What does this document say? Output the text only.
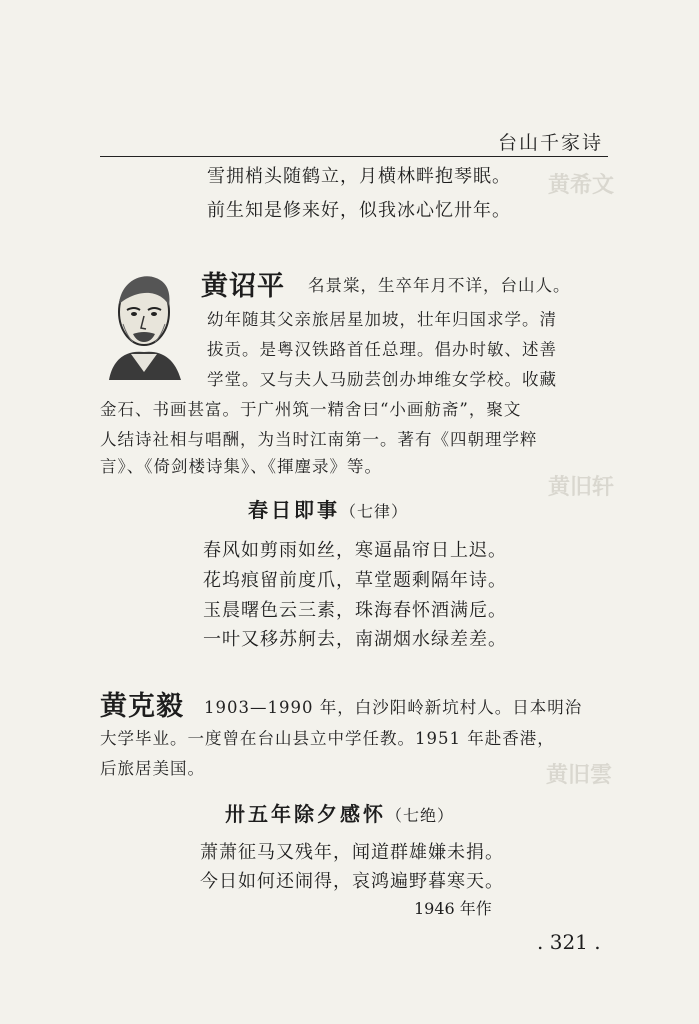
黄希文
黄旧轩
黄旧雲
台山千家诗
雪拥梢头随鹤立，月横林畔抱琴眠。
前生知是修来好，似我冰心忆卅年。
黄诏平 名景棠，生卒年月不详，台山人。
幼年随其父亲旅居星加坡，壮年归国求学。清
拔贡。是粤汉铁路首任总理。倡办时敏、述善
学堂。又与夫人马励芸创办坤维女学校。收藏
金石、书画甚富。于广州筑一精舍曰“小画舫斋”，聚文
人结诗社相与唱酬，为当时江南第一。著有《四朝理学粹
言》、《倚剑楼诗集》、《揮麈录》等。
春日即事（七律）
春风如剪雨如丝，寒逼晶帘日上迟。
花坞痕留前度爪，草堂题剩隔年诗。
玉晨曙色云三素，珠海春怀酒满卮。
一叶又移苏舸去，南湖烟水绿差差。
黄克毅 1903—1990 年，白沙阳岭新坑村人。日本明治
大学毕业。一度曾在台山县立中学任教。1951 年赴香港，
后旅居美国。
卅五年除夕感怀（七绝）
萧萧征马又残年，闻道群雄嫌未捐。
今日如何还闹得，哀鸿遍野暮寒天。
1946 年作
. 321 .
